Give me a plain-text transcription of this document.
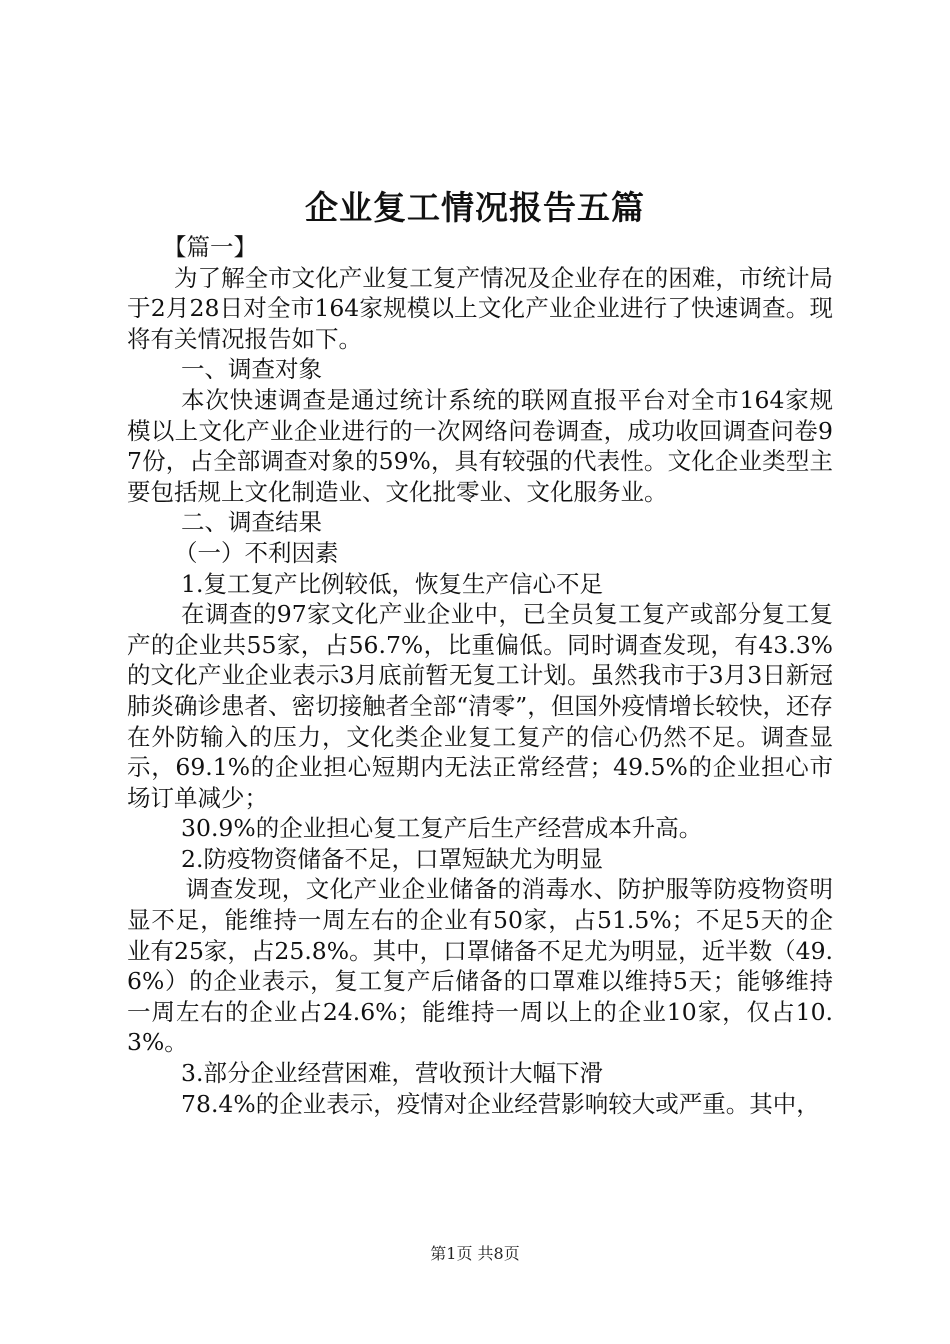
企业复工情况报告五篇
【篇一】

为了解全市文化产业复工复产情况及企业存在的困难，市统计局于2月28日对全市164家规模以上文化产业企业进行了快速调查。现将有关情况报告如下。

一、调查对象

本次快速调查是通过统计系统的联网直报平台对全市164家规模以上文化产业企业进行的一次网络问卷调查，成功收回调查问卷97份，占全部调查对象的59%，具有较强的代表性。文化企业类型主要包括规上文化制造业、文化批零业、文化服务业。

二、调查结果
（一）不利因素
1.复工复产比例较低，恢复生产信心不足

在调查的97家文化产业企业中，已全员复工复产或部分复工复产的企业共55家，占56.7%，比重偏低。同时调查发现，有43.3%的文化产业企业表示3月底前暂无复工计划。虽然我市于3月3日新冠肺炎确诊患者、密切接触者全部“清零”，但国外疫情增长较快，还存在外防输入的压力，文化类企业复工复产的信心仍然不足。调查显示，69.1%的企业担心短期内无法正常经营；49.5%的企业担心市场订单减少；

30.9%的企业担心复工复产后生产经营成本升高。
2.防疫物资储备不足，口罩短缺尤为明显

调查发现，文化产业企业储备的消毒水、防护服等防疫物资明显不足，能维持一周左右的企业有50家，占51.5%；不足5天的企业有25家，占25.8%。其中，口罩储备不足尤为明显，近半数（49.6%）的企业表示，复工复产后储备的口罩难以维持5天；能够维持一周左右的企业占24.6%；能维持一周以上的企业10家，仅占10.3%。

3.部分企业经营困难，营收预计大幅下滑
78.4%的企业表示，疫情对企业经营影响较大或严重。其中，
第1页 共8页
